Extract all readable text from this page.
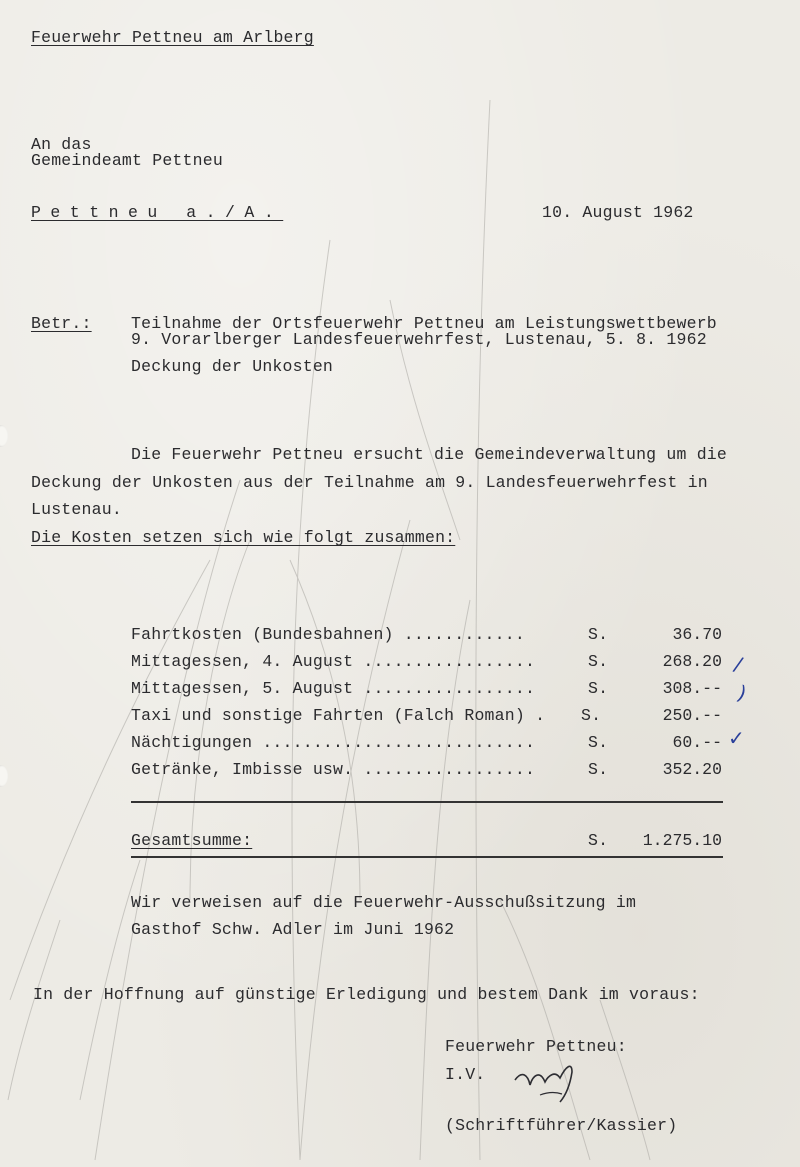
Feuerwehr Pettneu am Arlberg
An das
Gemeindeamt Pettneu
Pettneu a./A.	10. August 1962
Betr.: Teilnahme der Ortsfeuerwehr Pettneu am Leistungswettbewerb
9. Vorarlberger Landesfeuerwehrfest, Lustenau, 5. 8. 1962
Deckung der Unkosten
Die Feuerwehr Pettneu ersucht die Gemeindeverwaltung um die
Deckung der Unkosten aus der Teilnahme am 9. Landesfeuerwehrfest in
Lustenau.
Die Kosten setzen sich wie folgt zusammen:
Fahrtkosten (Bundesbahnen) ............	S.	36.70
Mittagessen, 4. August .................	S.	268.20
Mittagessen, 5. August .................	S.	308.--
Taxi und sonstige Fahrten (Falch Roman) . S.	250.--
Nächtigungen ...........................	S.	60.--
Getränke, Imbisse usw. .................	S.	352.20
/
)
✓
Gesamtsumme:	S.	1.275.10
Wir verweisen auf die Feuerwehr-Ausschußsitzung im
Gasthof Schw. Adler im Juni 1962
In der Hoffnung auf günstige Erledigung und bestem Dank im voraus:
Feuerwehr Pettneu:
I.V.
(Schriftführer/Kassier)
